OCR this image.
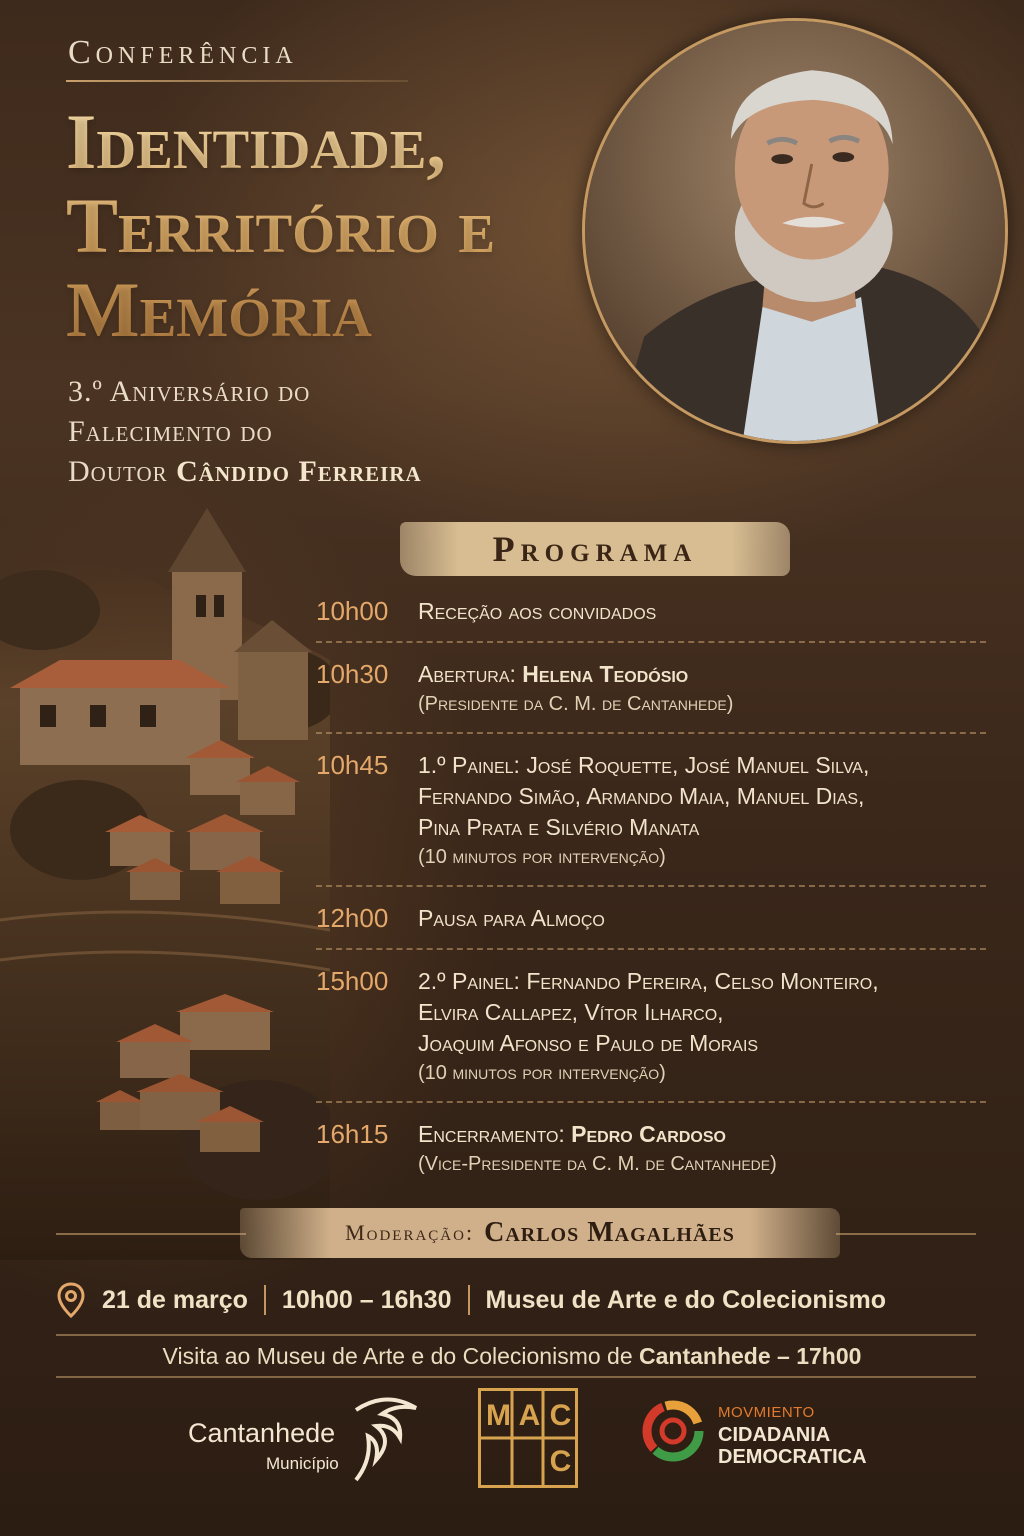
Conferência
Identidade,
Território e
Memória
3.º Aniversário do
Falecimento do
Doutor Cândido Ferreira
Programa
10h00 Receção aos convidados
10h30 Abertura: Helena Teodósio
(Presidente da C. M. de Cantanhede)
10h45 1.º Painel: José Roquette, José Manuel Silva,
Fernando Simão, Armando Maia, Manuel Dias,
Pina Prata e Silvério Manata
(10 minutos por intervenção)
12h00 Pausa para Almoço
15h00 2.º Painel: Fernando Pereira, Celso Monteiro,
Elvira Callapez, Vítor Ilharco,
Joaquim Afonso e Paulo de Morais
(10 minutos por intervenção)
16h15 Encerramento: Pedro Cardoso
(Vice-Presidente da C. M. de Cantanhede)
Moderação: Carlos Magalhães
21 de março 10h00 – 16h30 Museu de Arte e do Colecionismo
Visita ao Museu de Arte e do Colecionismo de Cantanhede – 17h00
Cantanhede
Município
M A C
C
MOVMIENTO
CIDADANIA
DEMOCRATICA
